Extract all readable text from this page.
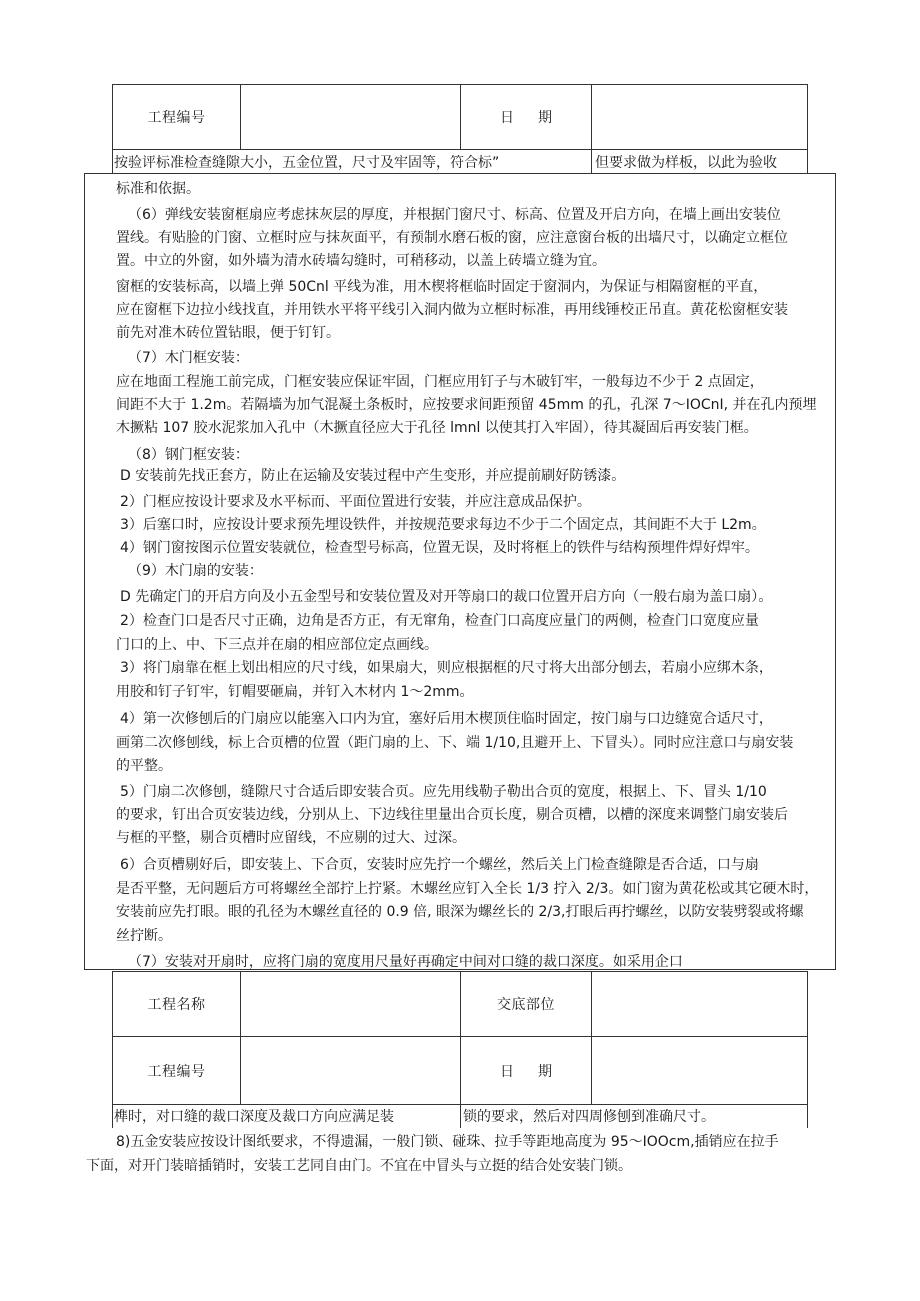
工程编号	日期
按验评标准检查缝隙大小，五金位置，尺寸及牢固等，符合标”	但要求做为样板，以此为验收
标准和依据。
（6）弹线安装窗框扇应考虑抹灰层的厚度，并根据门窗尺寸、标高、位置及开启方向，在墙上画出安装位
置线。有贴脸的门窗、立框时应与抹灰面平，有预制水磨石板的窗，应注意窗台板的出墙尺寸，以确定立框位
置。中立的外窗，如外墙为清水砖墙勾缝时，可稍移动，以盖上砖墙立缝为宜。
窗框的安装标高，以墙上弹 50Cnl 平线为准，用木楔将框临时固定于窗洞内，为保证与相隔窗框的平直，
应在窗框下边拉小线找直，并用铁水平将平线引入洞内做为立框时标准，再用线锤校正吊直。黄花松窗框安装
前先对准木砖位置钻眼，便于钉钉。
（7）木门框安装：
应在地面工程施工前完成，门框安装应保证牢固，门框应用钉子与木破钉牢，一般每边不少于 2 点固定，
间距不大于 1.2m。若隔墙为加气混凝土条板时，应按要求间距预留 45mm 的孔，孔深 7～IOCnI, 并在孔内预埋
木撅粘 107 胶水泥浆加入孔中（木撅直径应大于孔径 lmnl 以使其打入牢固），待其凝固后再安装门框。
（8）钢门框安装：
D 安装前先找正套方，防止在运输及安装过程中产生变形，并应提前刷好防锈漆。
2）门框应按设计要求及水平标而、平面位置进行安装，并应注意成品保护。
3）后塞口时，应按设计要求预先埋设铁件，并按规范要求每边不少于二个固定点，其间距不大于 L2m。
4）钢门窗按图示位置安装就位，检查型号标高，位置无误，及时将框上的铁件与结构预埋件焊好焊牢。
（9）木门扇的安装：
D 先确定门的开启方向及小五金型号和安装位置及对开等扇口的裁口位置开启方向（一般右扇为盖口扇）。
2）检查门口是否尺寸正确，边角是否方正，有无窜角，检查门口高度应量门的两侧，检查门口宽度应量
门口的上、中、下三点并在扇的相应部位定点画线。
3）将门扇靠在框上划出相应的尺寸线，如果扇大，则应根据框的尺寸将大出部分刨去，若扇小应绑木条，
用胶和钉子钉牢，钉帽要砸扁，并钉入木材内 1～2mm。
4）第一次修刨后的门扇应以能塞入口内为宜，塞好后用木楔顶住临时固定，按门扇与口边缝宽合适尺寸，
画第二次修刨线，标上合页槽的位置（距门扇的上、下、端 1/10,且避开上、下冒头）。同时应注意口与扇安装
的平整。
5）门扇二次修刨，缝隙尺寸合适后即安装合页。应先用线勒子勒出合页的宽度，根据上、下、冒头 1/10
的要求，钉出合页安装边线，分别从上、下边线往里量出合页长度，剔合页槽，以槽的深度来调整门扇安装后
与框的平整，剔合页槽时应留线，不应剔的过大、过深。
6）合页槽剔好后，即安装上、下合页，安装时应先拧一个螺丝，然后关上门检查缝隙是否合适，口与扇
是否平整，无问题后方可将螺丝全部拧上拧紧。木螺丝应钉入全长 1/3 拧入 2/3。如门窗为黄花松或其它硬木时，
安装前应先打眼。眼的孔径为木螺丝直径的 0.9 倍, 眼深为螺丝长的 2/3,打眼后再拧螺丝，以防安装劈裂或将螺
丝拧断。
（7）安装对开扇时，应将门扇的宽度用尺量好再确定中间对口缝的裁口深度。如采用企口
工程名称	交底部位
工程编号	日期
榫时，对口缝的裁口深度及裁口方向应满足装	锁的要求，然后对四周修刨到准确尺寸。
8)五金安装应按设计图纸要求，不得遗漏，一般门锁、碰珠、拉手等距地高度为 95～IOOcm,插销应在拉手
下面，对开门装暗插销时，安装工艺同自由门。不宜在中冒头与立挺的结合处安装门锁。
